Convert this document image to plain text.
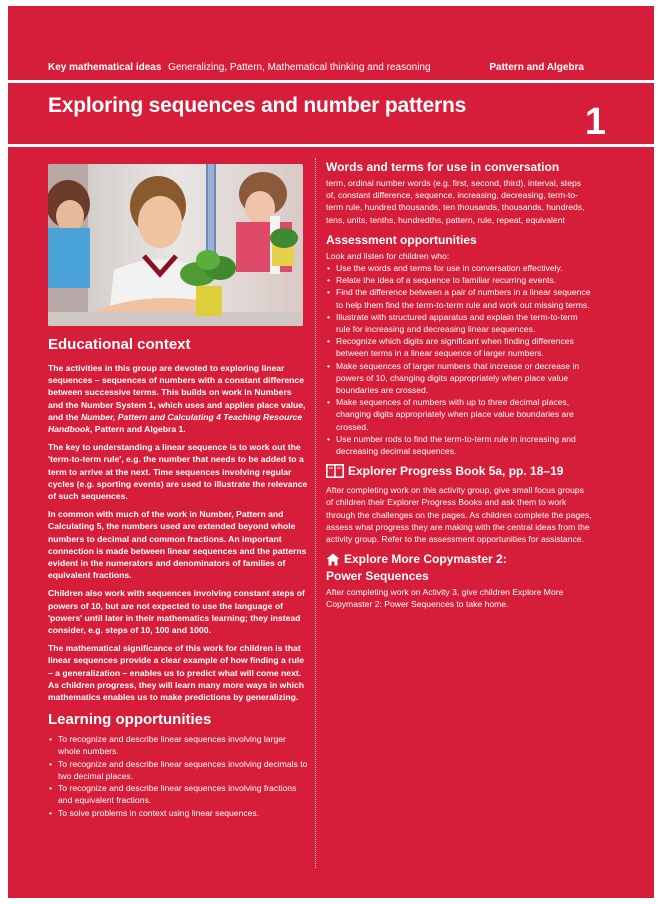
Key mathematical ideas Generalizing, Pattern, Mathematical thinking and reasoning	Pattern and Algebra
Exploring sequences and number patterns	1
Educational context

The activities in this group are devoted to exploring linear sequences – sequences of numbers with a constant difference between successive terms. This builds on work in Numbers and the Number System 1, which uses and applies place value, and the Number, Pattern and Calculating 4 Teaching Resource Handbook, Pattern and Algebra 1.

The key to understanding a linear sequence is to work out the 'term-to-term rule', e.g. the number that needs to be added to a term to arrive at the next. Time sequences involving regular cycles (e.g. sporting events) are used to illustrate the relevance of such sequences.

In common with much of the work in Number, Pattern and Calculating 5, the numbers used are extended beyond whole numbers to decimal and common fractions. An important connection is made between linear sequences and the patterns evident in the numerators and denominators of families of equivalent fractions.

Children also work with sequences involving constant steps of powers of 10, but are not expected to use the language of 'powers' until later in their mathematics learning; they instead consider, e.g. steps of 10, 100 and 1000.

The mathematical significance of this work for children is that linear sequences provide a clear example of how finding a rule – a generalization – enables us to predict what will come next. As children progress, they will learn many more ways in which mathematics enables us to make predictions by generalizing.

Learning opportunities
• To recognize and describe linear sequences involving larger whole numbers.
• To recognize and describe linear sequences involving decimals to two decimal places.
• To recognize and describe linear sequences involving fractions and equivalent fractions.
• To solve problems in context using linear sequences.
Words and terms for use in conversation

term, ordinal number words (e.g. first, second, third), interval, steps of, constant difference, sequence, increasing, decreasing, term-to-term rule, hundred thousands, ten thousands, thousands, hundreds, tens, units, tenths, hundredths, pattern, rule, repeat, equivalent

Assessment opportunities

Look and listen for children who:

• Use the words and terms for use in conversation effectively.
• Relate the idea of a sequence to familiar recurring events.
• Find the difference between a pair of numbers in a linear sequence to help them find the term-to-term rule and work out missing terms.
• Illustrate with structured apparatus and explain the term-to-term rule for increasing and decreasing linear sequences.
• Recognize which digits are significant when finding differences between terms in a linear sequence of larger numbers.
• Make sequences of larger numbers that increase or decrease in powers of 10, changing digits appropriately when place value boundaries are crossed.
• Make sequences of numbers with up to three decimal places, changing digits appropriately when place value boundaries are crossed.
• Use number rods to find the term-to-term rule in increasing and decreasing decimal sequences.
Explorer Progress Book 5a, pp. 18–19

After completing work on this activity group, give small focus groups of children their Explorer Progress Books and ask them to work through the challenges on the pages. As children complete the pages, assess what progress they are making with the central ideas from the activity group. Refer to the assessment opportunities for assistance.

Explore More Copymaster 2:
Power Sequences

After completing work on Activity 3, give children Explore More Copymaster 2: Power Sequences to take home.
